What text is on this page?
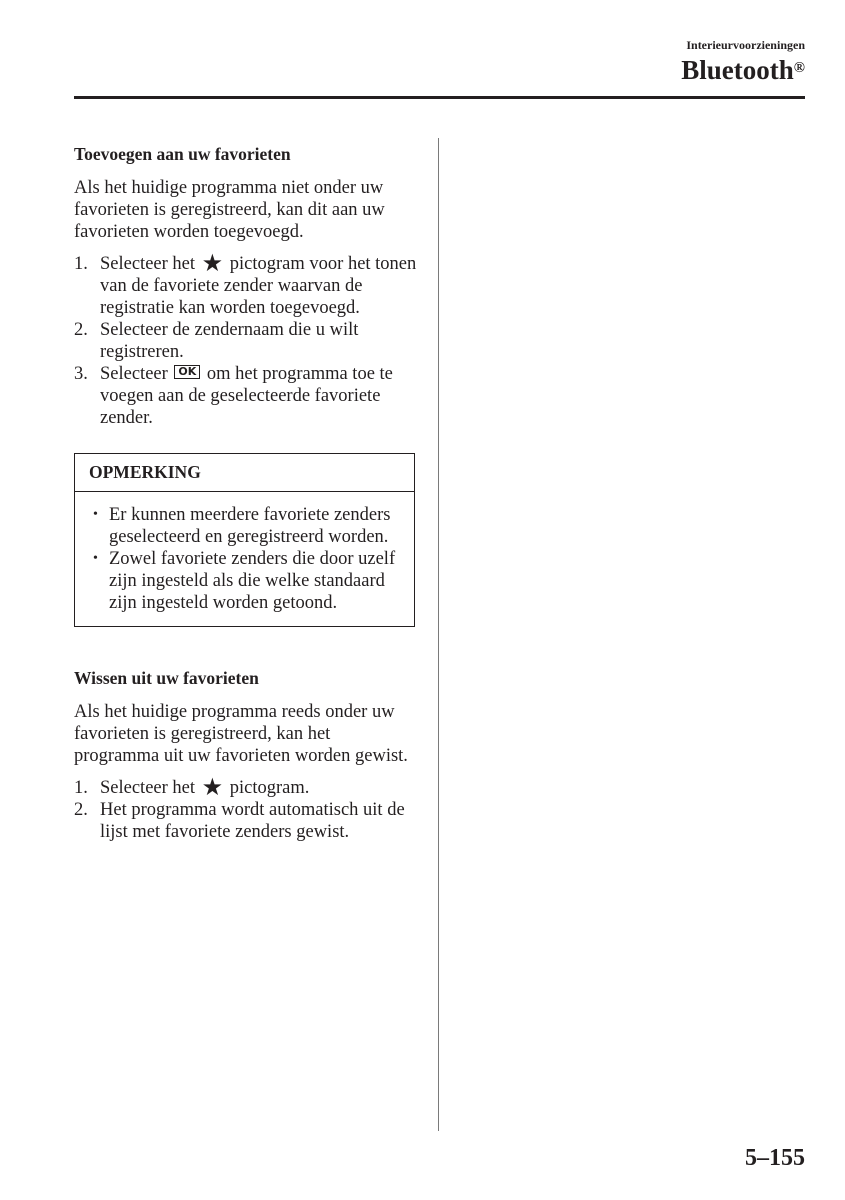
Interieurvoorzieningen
Bluetooth®
Toevoegen aan uw favorieten

Als het huidige programma niet onder uw favorieten is geregistreerd, kan dit aan uw favorieten worden toegevoegd.

1. Selecteer het ★ pictogram voor het tonen van de favoriete zender waarvan de registratie kan worden toegevoegd.
2. Selecteer de zendernaam die u wilt registreren.
3. Selecteer OK om het programma toe te voegen aan de geselecteerde favoriete zender.
OPMERKING
• Er kunnen meerdere favoriete zenders geselecteerd en geregistreerd worden.
• Zowel favoriete zenders die door uzelf zijn ingesteld als die welke standaard zijn ingesteld worden getoond.
Wissen uit uw favorieten

Als het huidige programma reeds onder uw favorieten is geregistreerd, kan het programma uit uw favorieten worden gewist.

1. Selecteer het ★ pictogram.
2. Het programma wordt automatisch uit de lijst met favoriete zenders gewist.
5–155
